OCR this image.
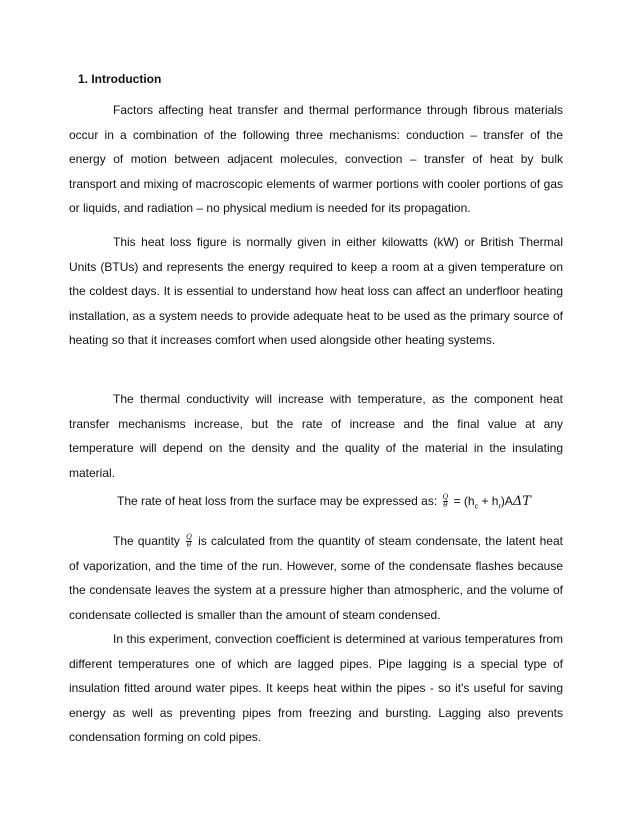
1. Introduction

Factors affecting heat transfer and thermal performance through fibrous materials occur in a combination of the following three mechanisms: conduction – transfer of the energy of motion between adjacent molecules, convection – transfer of heat by bulk transport and mixing of macroscopic elements of warmer portions with cooler portions of gas or liquids, and radiation – no physical medium is needed for its propagation.

This heat loss figure is normally given in either kilowatts (kW) or British Thermal Units (BTUs) and represents the energy required to keep a room at a given temperature on the coldest days. It is essential to understand how heat loss can affect an underfloor heating installation, as a system needs to provide adequate heat to be used as the primary source of heating so that it increases comfort when used alongside other heating systems.

The thermal conductivity will increase with temperature, as the component heat transfer mechanisms increase, but the rate of increase and the final value at any temperature will depend on the density and the quality of the material in the insulating material.

The rate of heat loss from the surface may be expressed as: $\frac{Q}{\theta} = (h_c + h_r)A\Delta T$

The quantity $\frac{Q}{\theta}$ is calculated from the quantity of steam condensate, the latent heat of vaporization, and the time of the run. However, some of the condensate flashes because the condensate leaves the system at a pressure higher than atmospheric, and the volume of condensate collected is smaller than the amount of steam condensed.

In this experiment, convection coefficient is determined at various temperatures from different temperatures one of which are lagged pipes. Pipe lagging is a special type of insulation fitted around water pipes. It keeps heat within the pipes - so it's useful for saving energy as well as preventing pipes from freezing and bursting. Lagging also prevents condensation forming on cold pipes.
